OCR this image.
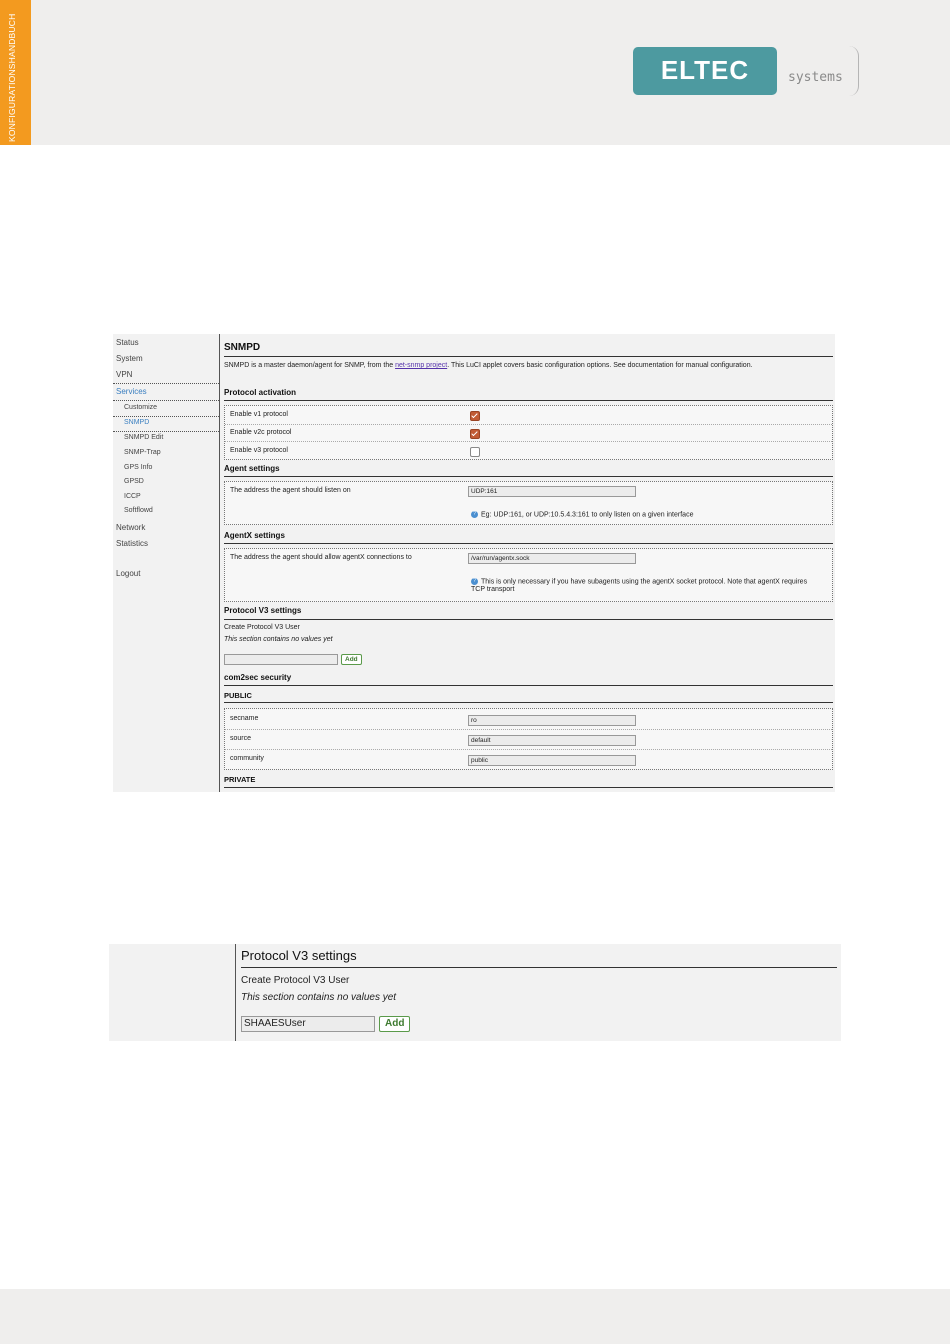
KONFIGURATIONSHANDBUCH	ELTEC	systems
Status
System
VPN
Services
Customize
SNMPD
SNMPD Edit
SNMP-Trap
GPS Info
GPSD
ICCP
Softflowd
Network
Statistics
Logout
SNMPD
SNMPD is a master daemon/agent for SNMP, from the net-snmp project. This LuCI applet covers basic configuration options. See documentation for manual configuration.
Protocol activation
Enable v1 protocol
Enable v2c protocol
Enable v3 protocol
Agent settings
The address the agent should listen on	UDP:161
? Eg: UDP:161, or UDP:10.5.4.3:161 to only listen on a given interface
AgentX settings
The address the agent should allow agentX connections to	/var/run/agentx.sock
? This is only necessary if you have subagents using the agentX socket protocol. Note that agentX requires TCP transport
Protocol V3 settings
Create Protocol V3 User
This section contains no values yet
Add
com2sec security
PUBLIC
secname	ro
source	default
community	public
PRIVATE
Protocol V3 settings
Create Protocol V3 User
This section contains no values yet
SHAAESUser	Add
